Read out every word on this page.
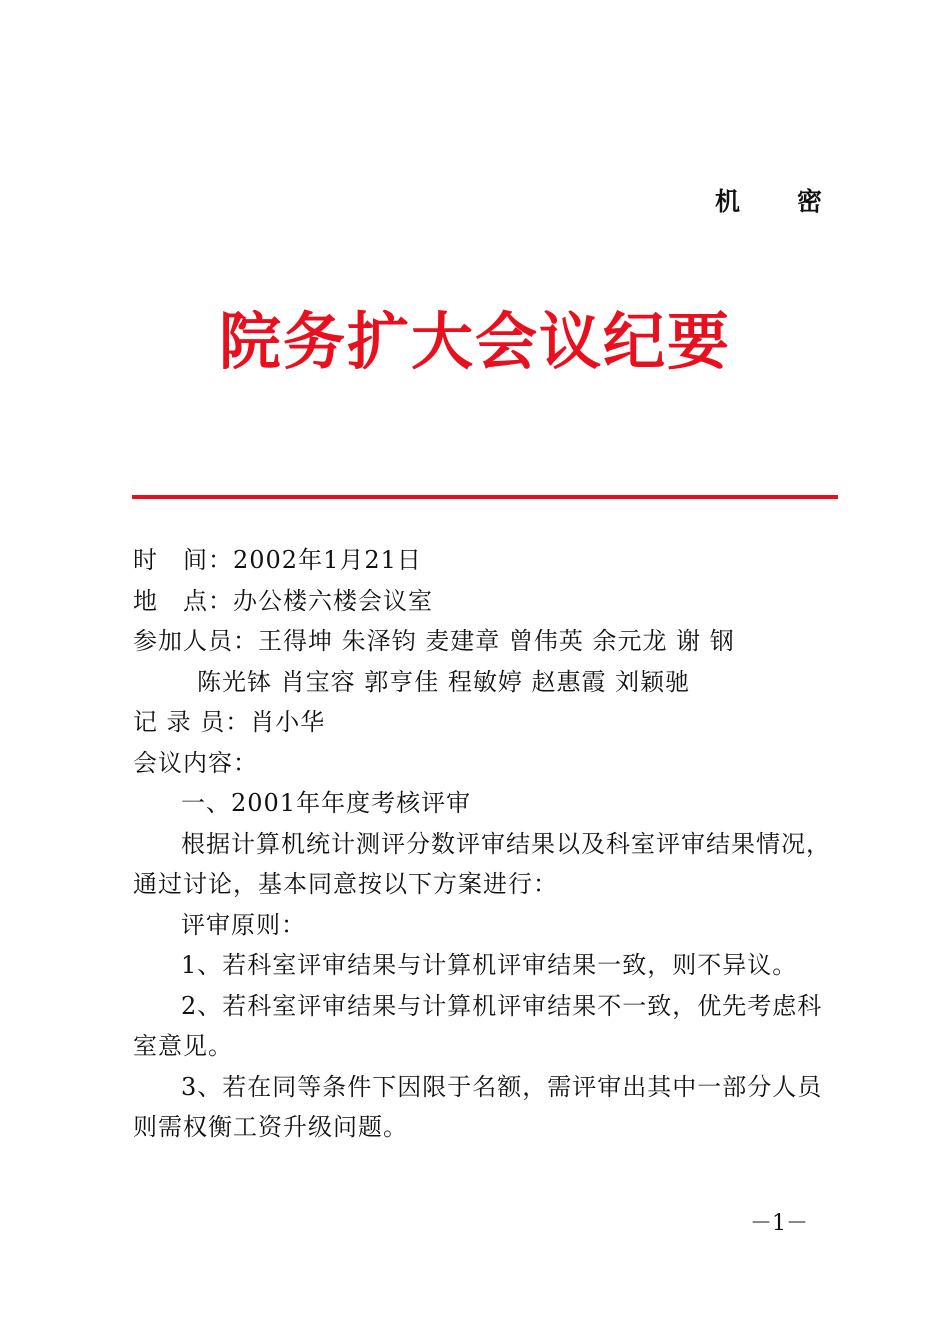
机　密
院务扩大会议纪要
时　间：2002年1月21日
地　点：办公楼六楼会议室
参加人员：王得坤 朱泽钧 麦建章 曾伟英 余元龙 谢 钢
陈光钵 肖宝容 郭亨佳 程敏婷 赵惠霞 刘颖驰
记 录 员：肖小华
会议内容：
一、2001年年度考核评审
根据计算机统计测评分数评审结果以及科室评审结果情况，
通过讨论，基本同意按以下方案进行：
评审原则：
1、若科室评审结果与计算机评审结果一致，则不异议。
2、若科室评审结果与计算机评审结果不一致，优先考虑科
室意见。
3、若在同等条件下因限于名额，需评审出其中一部分人员
则需权衡工资升级问题。
－1－
